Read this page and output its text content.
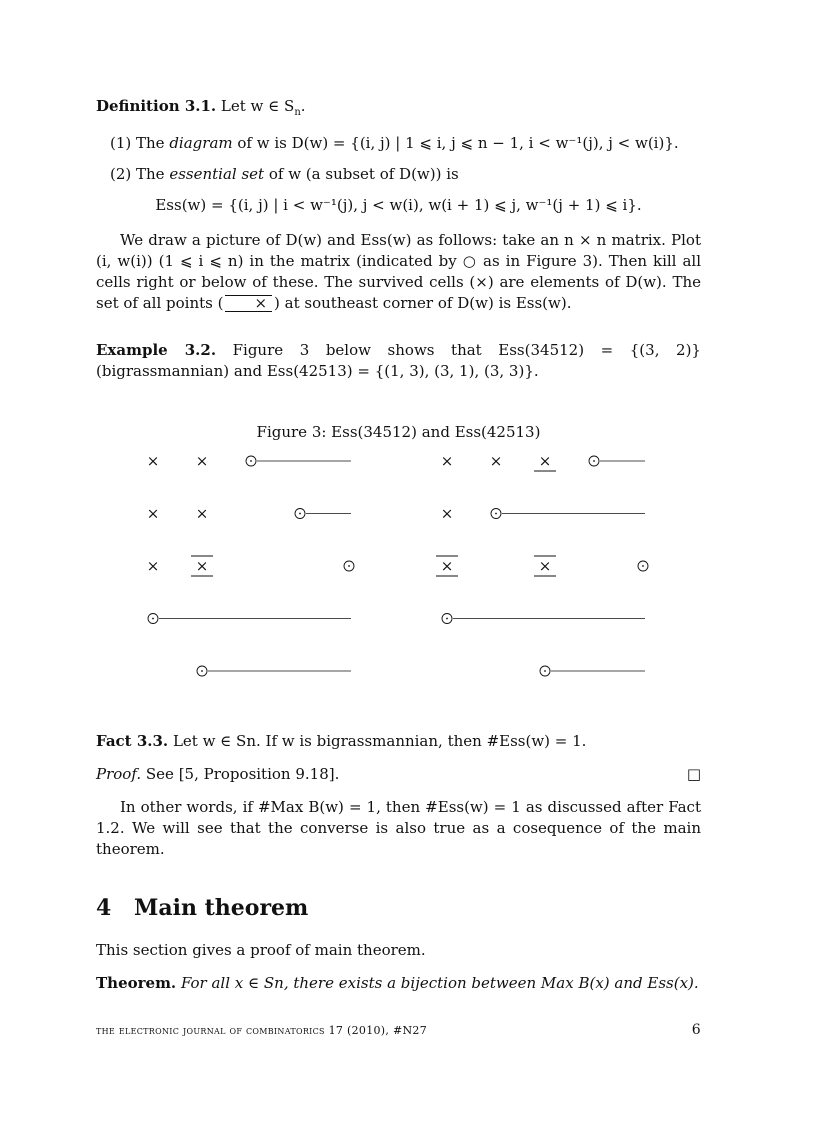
Definition 3.1. Let w ∈ $S_n$.

(1) The diagram of w is D(w) = {(i, j) | 1 ⩽ i, j ⩽ n − 1, i < w⁻¹(j), j < w(i)}.
(2) The essential set of w (a subset of D(w)) is
Ess(w) = {(i, j) | i < w⁻¹(j), j < w(i), w(i + 1) ⩽ j, w⁻¹(j + 1) ⩽ i}.

We draw a picture of D(w) and Ess(w) as follows: take an n × n matrix. Plot (i, w(i)) (1 ⩽ i ⩽ n) in the matrix (indicated by ○ as in Figure 3). Then kill all cells right or below of these. The survived cells (×) are elements of D(w). The set of all points ( × ) at southeast corner of D(w) is Ess(w).

Example 3.2. Figure 3 below shows that Ess(34512) = {(3, 2)} (bigrassmannian) and Ess(42513) = {(1, 3), (3, 1), (3, 3)}.

Figure 3: Ess(34512) and Ess(42513)
× ×
× ×
× ×
× × ×
×
×	×

Fact 3.3. Let w ∈ Sn. If w is bigrassmannian, then #Ess(w) = 1.

Proof. See [5, Proposition 9.18].	□

In other words, if #Max B(w) = 1, then #Ess(w) = 1 as discussed after Fact 1.2. We will see that the converse is also true as a cosequence of the main theorem.

4 Main theorem

This section gives a proof of main theorem.

Theorem. For all x ∈ Sn, there exists a bijection between Max B(x) and Ess(x).

the electronic journal of combinatorics 17 (2010), #N27	6
